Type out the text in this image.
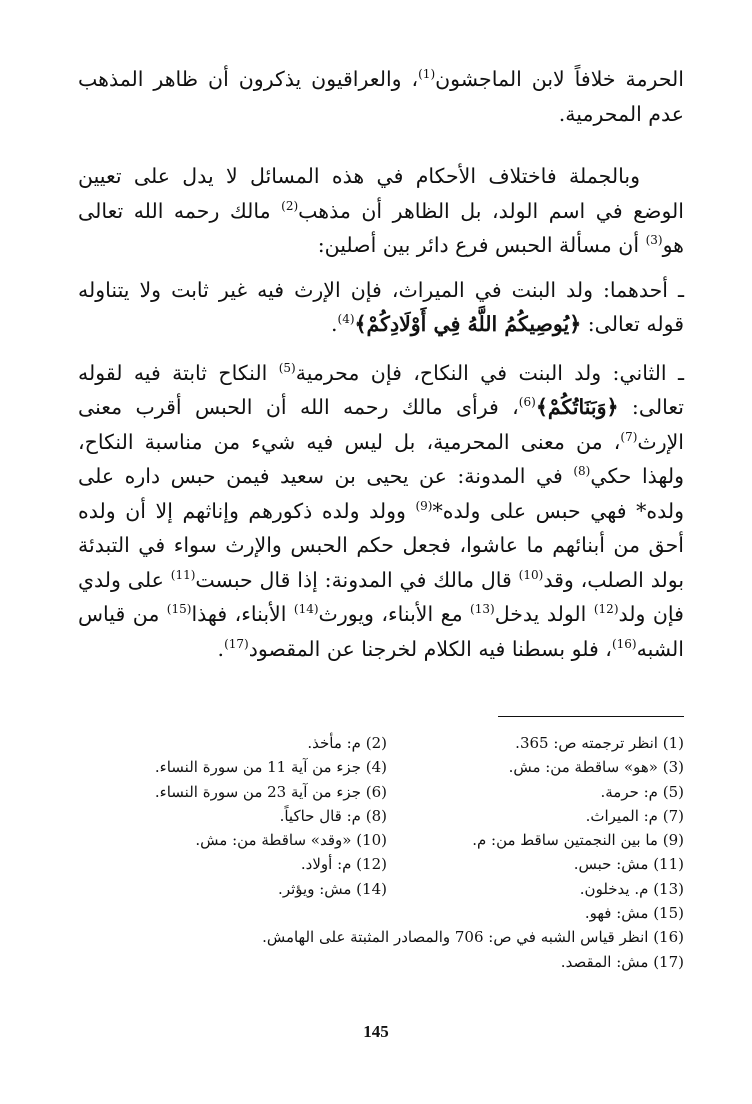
الحرمة خلافاً لابن الماجشون$^{(1)}$، والعراقيون يذكرون أن ظاهر المذهب عدم المحرمية.

وبالجملة فاختلاف الأحكام في هذه المسائل لا يدل على تعيين الوضع في اسم الولد، بل الظاهر أن مذهب$^{(2)}$ مالك رحمه الله تعالى هو$^{(3)}$ أن مسألة الحبس فرع دائر بين أصلين:

ـ أحدهما: ولد البنت في الميراث، فإن الإرث فيه غير ثابت ولا يتناوله قوله تعالى: ﴿يُوصِيكُمُ اللَّهُ فِي أَوْلَادِكُمْ﴾$^{(4)}$.

ـ الثاني: ولد البنت في النكاح، فإن محرمية$^{(5)}$ النكاح ثابتة فيه لقوله تعالى: ﴿وَبَنَاتُكُمْ﴾$^{(6)}$، فرأى مالك رحمه الله أن الحبس أقرب معنى الإرث$^{(7)}$، من معنى المحرمية، بل ليس فيه شيء من مناسبة النكاح، ولهذا حكي$^{(8)}$ في المدونة: عن يحيى بن سعيد فيمن حبس داره على ولده* فهي حبس على ولده*$^{(9)}$ وولد ولده ذكورهم وإناثهم إلا أن ولده أحق من أبنائهم ما عاشوا، فجعل حكم الحبس والإرث سواء في التبدئة بولد الصلب، وقد$^{(10)}$ قال مالك في المدونة: إذا قال حبست$^{(11)}$ على ولدي فإن ولد$^{(12)}$ الولد يدخل$^{(13)}$ مع الأبناء، ويورث$^{(14)}$ الأبناء، فهذا$^{(15)}$ من قياس الشبه$^{(16)}$، فلو بسطنا فيه الكلام لخرجنا عن المقصود$^{(17)}$.

(1) انظر ترجمته ص: 365.
(2) م: مأخذ.
(3) «هو» ساقطة من: مش.
(4) جزء من آية 11 من سورة النساء.
(5) م: حرمة.
(6) جزء من آية 23 من سورة النساء.
(7) م: الميراث.
(8) م: قال حاكياً.
(9) ما بين النجمتين ساقط من: م.
(10) «وقد» ساقطة من: مش.
(11) مش: حبس.
(12) م: أولاد.
(13) م. يدخلون.
(14) مش: ويؤثر.
(15) مش: فهو.
(16) انظر قياس الشبه في ص: 706 والمصادر المثبتة على الهامش.
(17) مش: المقصد.
145
